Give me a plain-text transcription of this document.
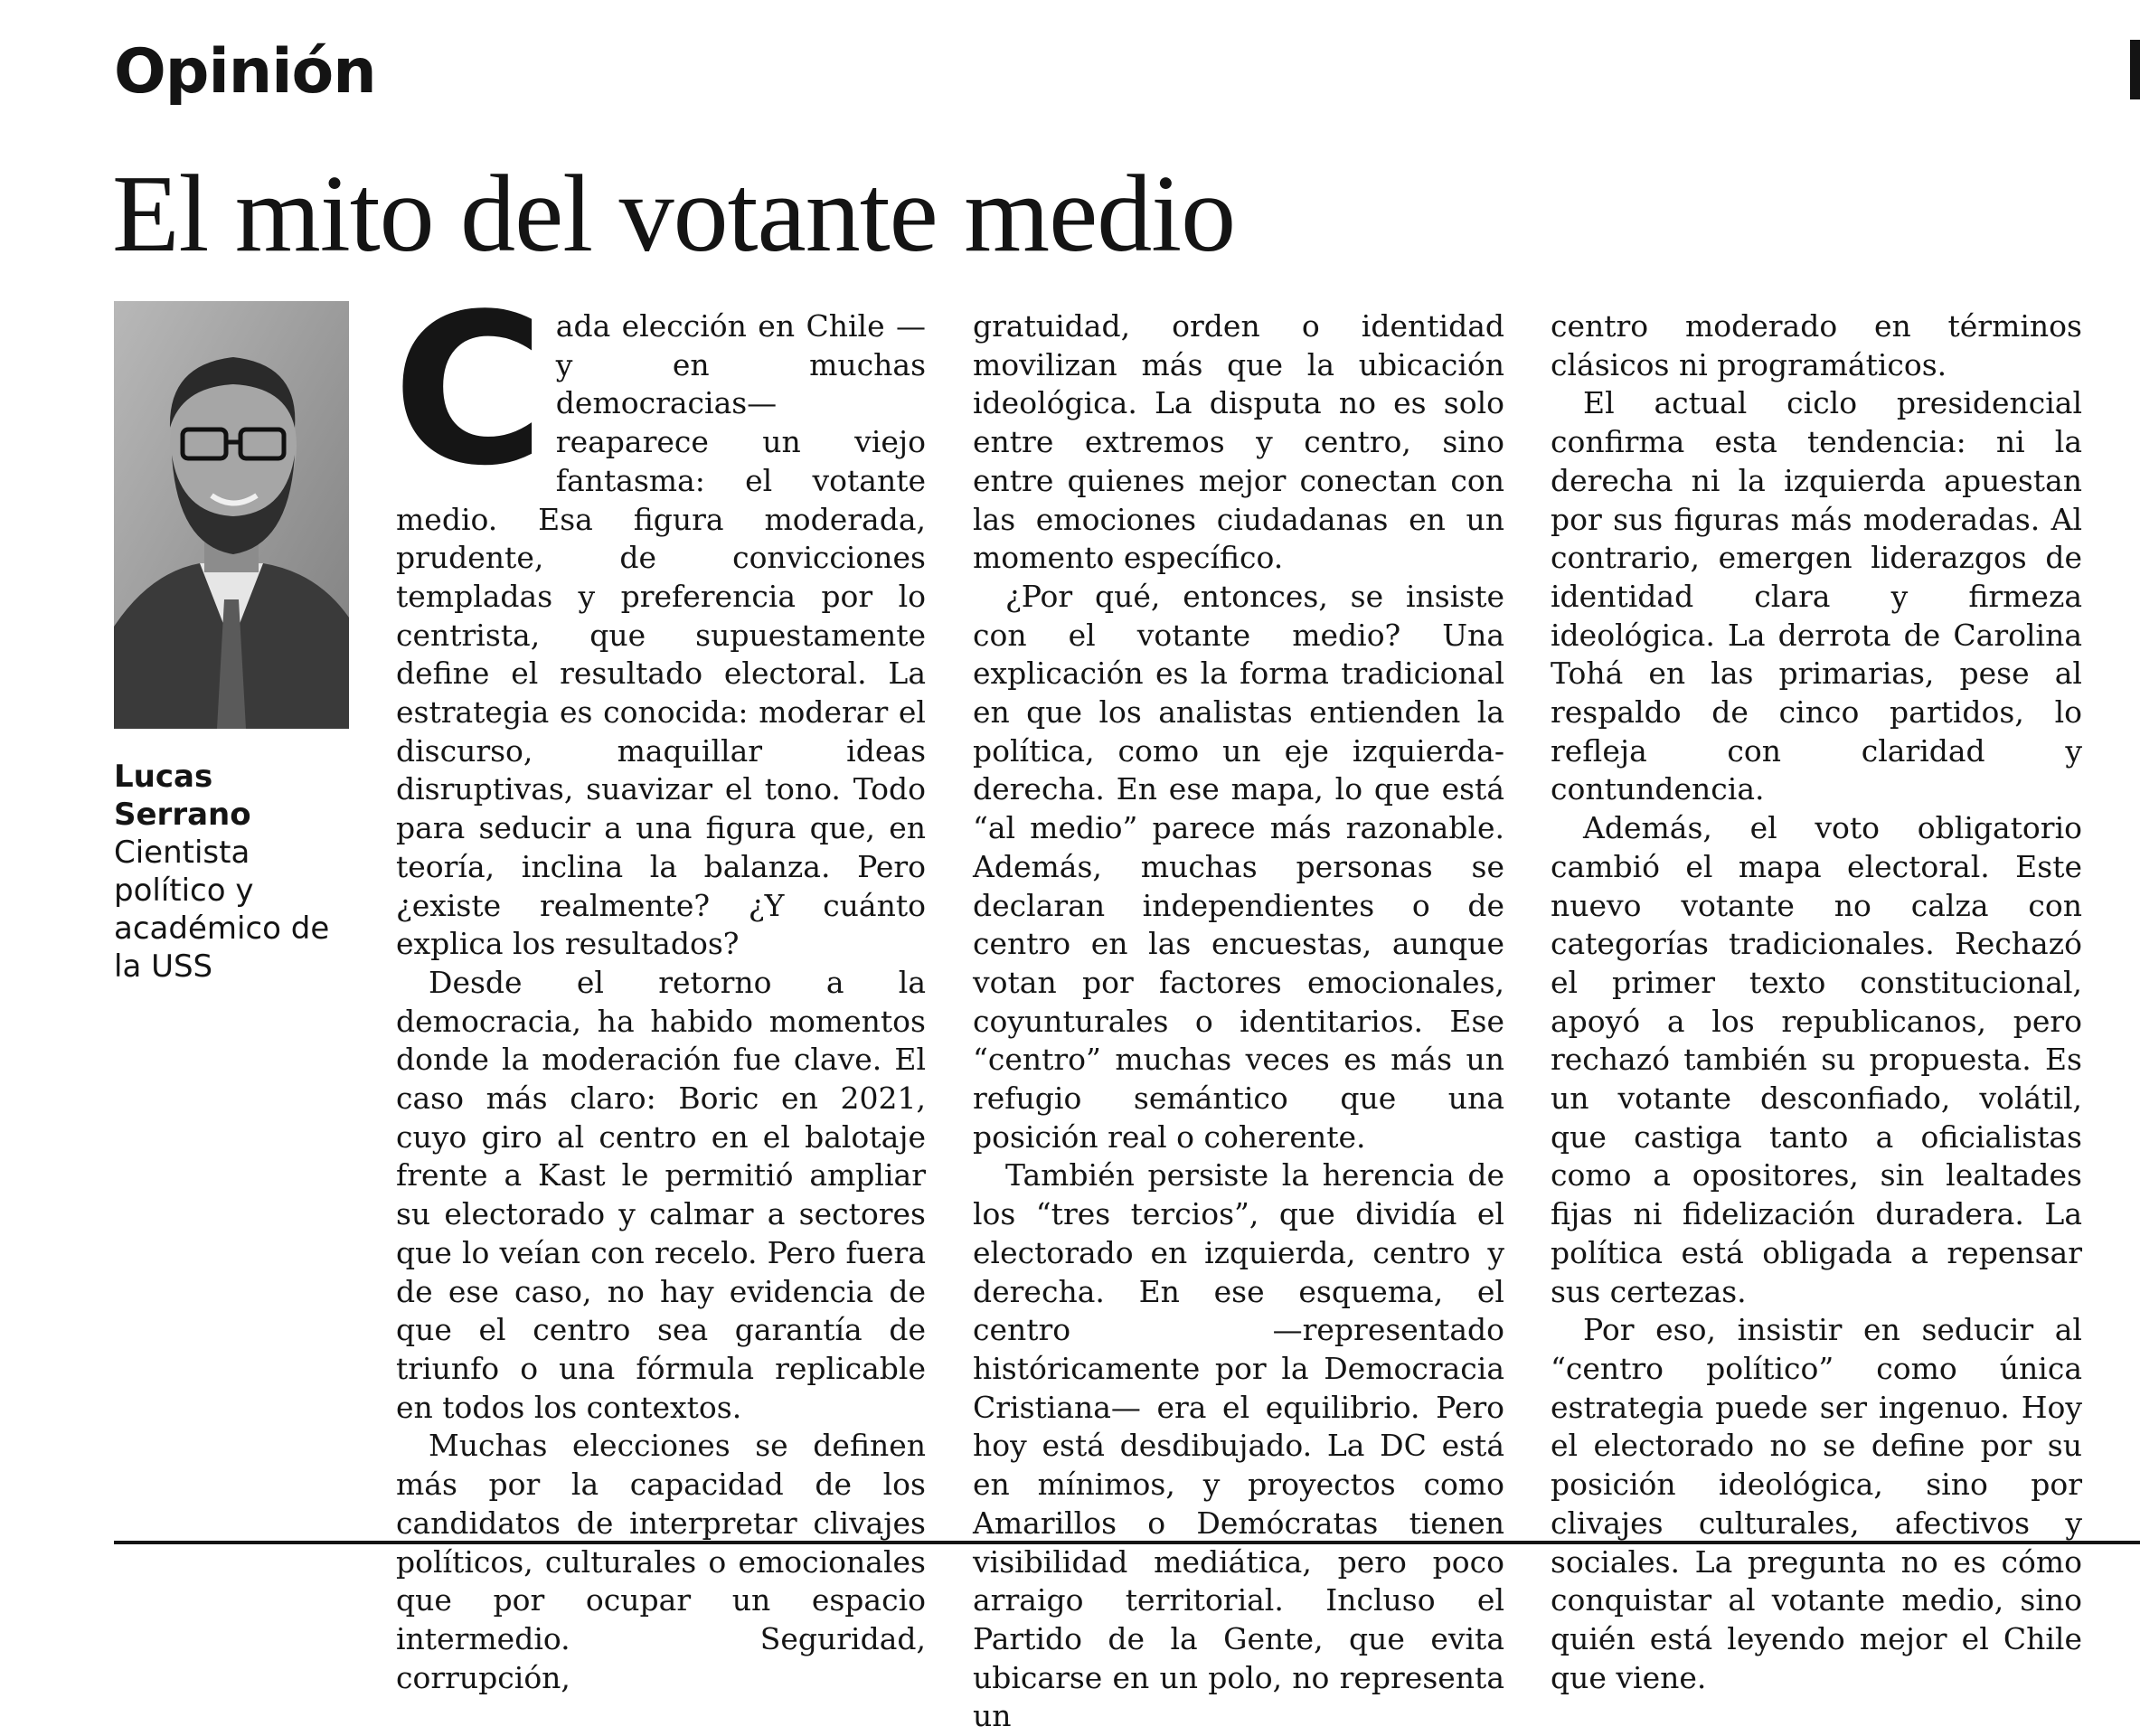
Opinión
El mito del votante medio

Lucas Serrano

Cientista político y académico de la USS

Cada elección en Chile —y en muchas democracias— reaparece un viejo fantasma: el votante medio. Esa figura moderada, prudente, de convicciones templadas y preferencia por lo centrista, que supuestamente define el resultado electoral. La estrategia es conocida: moderar el discurso, maquillar ideas disruptivas, suavizar el tono. Todo para seducir a una figura que, en teoría, inclina la balanza. Pero ¿existe realmente? ¿Y cuánto explica los resultados?

Desde el retorno a la democracia, ha habido momentos donde la moderación fue clave. El caso más claro: Boric en 2021, cuyo giro al centro en el balotaje frente a Kast le permitió ampliar su electorado y calmar a sectores que lo veían con recelo. Pero fuera de ese caso, no hay evidencia de que el centro sea garantía de triunfo o una fórmula replicable en todos los contextos.

Muchas elecciones se definen más por la capacidad de los candidatos de interpretar clivajes políticos, culturales o emocionales que por ocupar un espacio intermedio. Seguridad, corrupción,

gratuidad, orden o identidad movilizan más que la ubicación ideológica. La disputa no es solo entre extremos y centro, sino entre quienes mejor conectan con las emociones ciudadanas en un momento específico.

¿Por qué, entonces, se insiste con el votante medio? Una explicación es la forma tradicional en que los analistas entienden la política, como un eje izquierda-derecha. En ese mapa, lo que está “al medio” parece más razonable. Además, muchas personas se declaran independientes o de centro en las encuestas, aunque votan por factores emocionales, coyunturales o identitarios. Ese “centro” muchas veces es más un refugio semántico que una posición real o coherente.

También persiste la herencia de los “tres tercios”, que dividía el electorado en izquierda, centro y derecha. En ese esquema, el centro —representado históricamente por la Democracia Cristiana— era el equilibrio. Pero hoy está desdibujado. La DC está en mínimos, y proyectos como Amarillos o Demócratas tienen visibilidad mediática, pero poco arraigo territorial. Incluso el Partido de la Gente, que evita ubicarse en un polo, no representa un

centro moderado en términos clásicos ni programáticos.

El actual ciclo presidencial confirma esta tendencia: ni la derecha ni la izquierda apuestan por sus figuras más moderadas. Al contrario, emergen liderazgos de identidad clara y firmeza ideológica. La derrota de Carolina Tohá en las primarias, pese al respaldo de cinco partidos, lo refleja con claridad y contundencia.

Además, el voto obligatorio cambió el mapa electoral. Este nuevo votante no calza con categorías tradicionales. Rechazó el primer texto constitucional, apoyó a los republicanos, pero rechazó también su propuesta. Es un votante desconfiado, volátil, que castiga tanto a oficialistas como a opositores, sin lealtades fijas ni fidelización duradera. La política está obligada a repensar sus certezas.

Por eso, insistir en seducir al “centro político” como única estrategia puede ser ingenuo. Hoy el electorado no se define por su posición ideológica, sino por clivajes culturales, afectivos y sociales. La pregunta no es cómo conquistar al votante medio, sino quién está leyendo mejor el Chile que viene.
